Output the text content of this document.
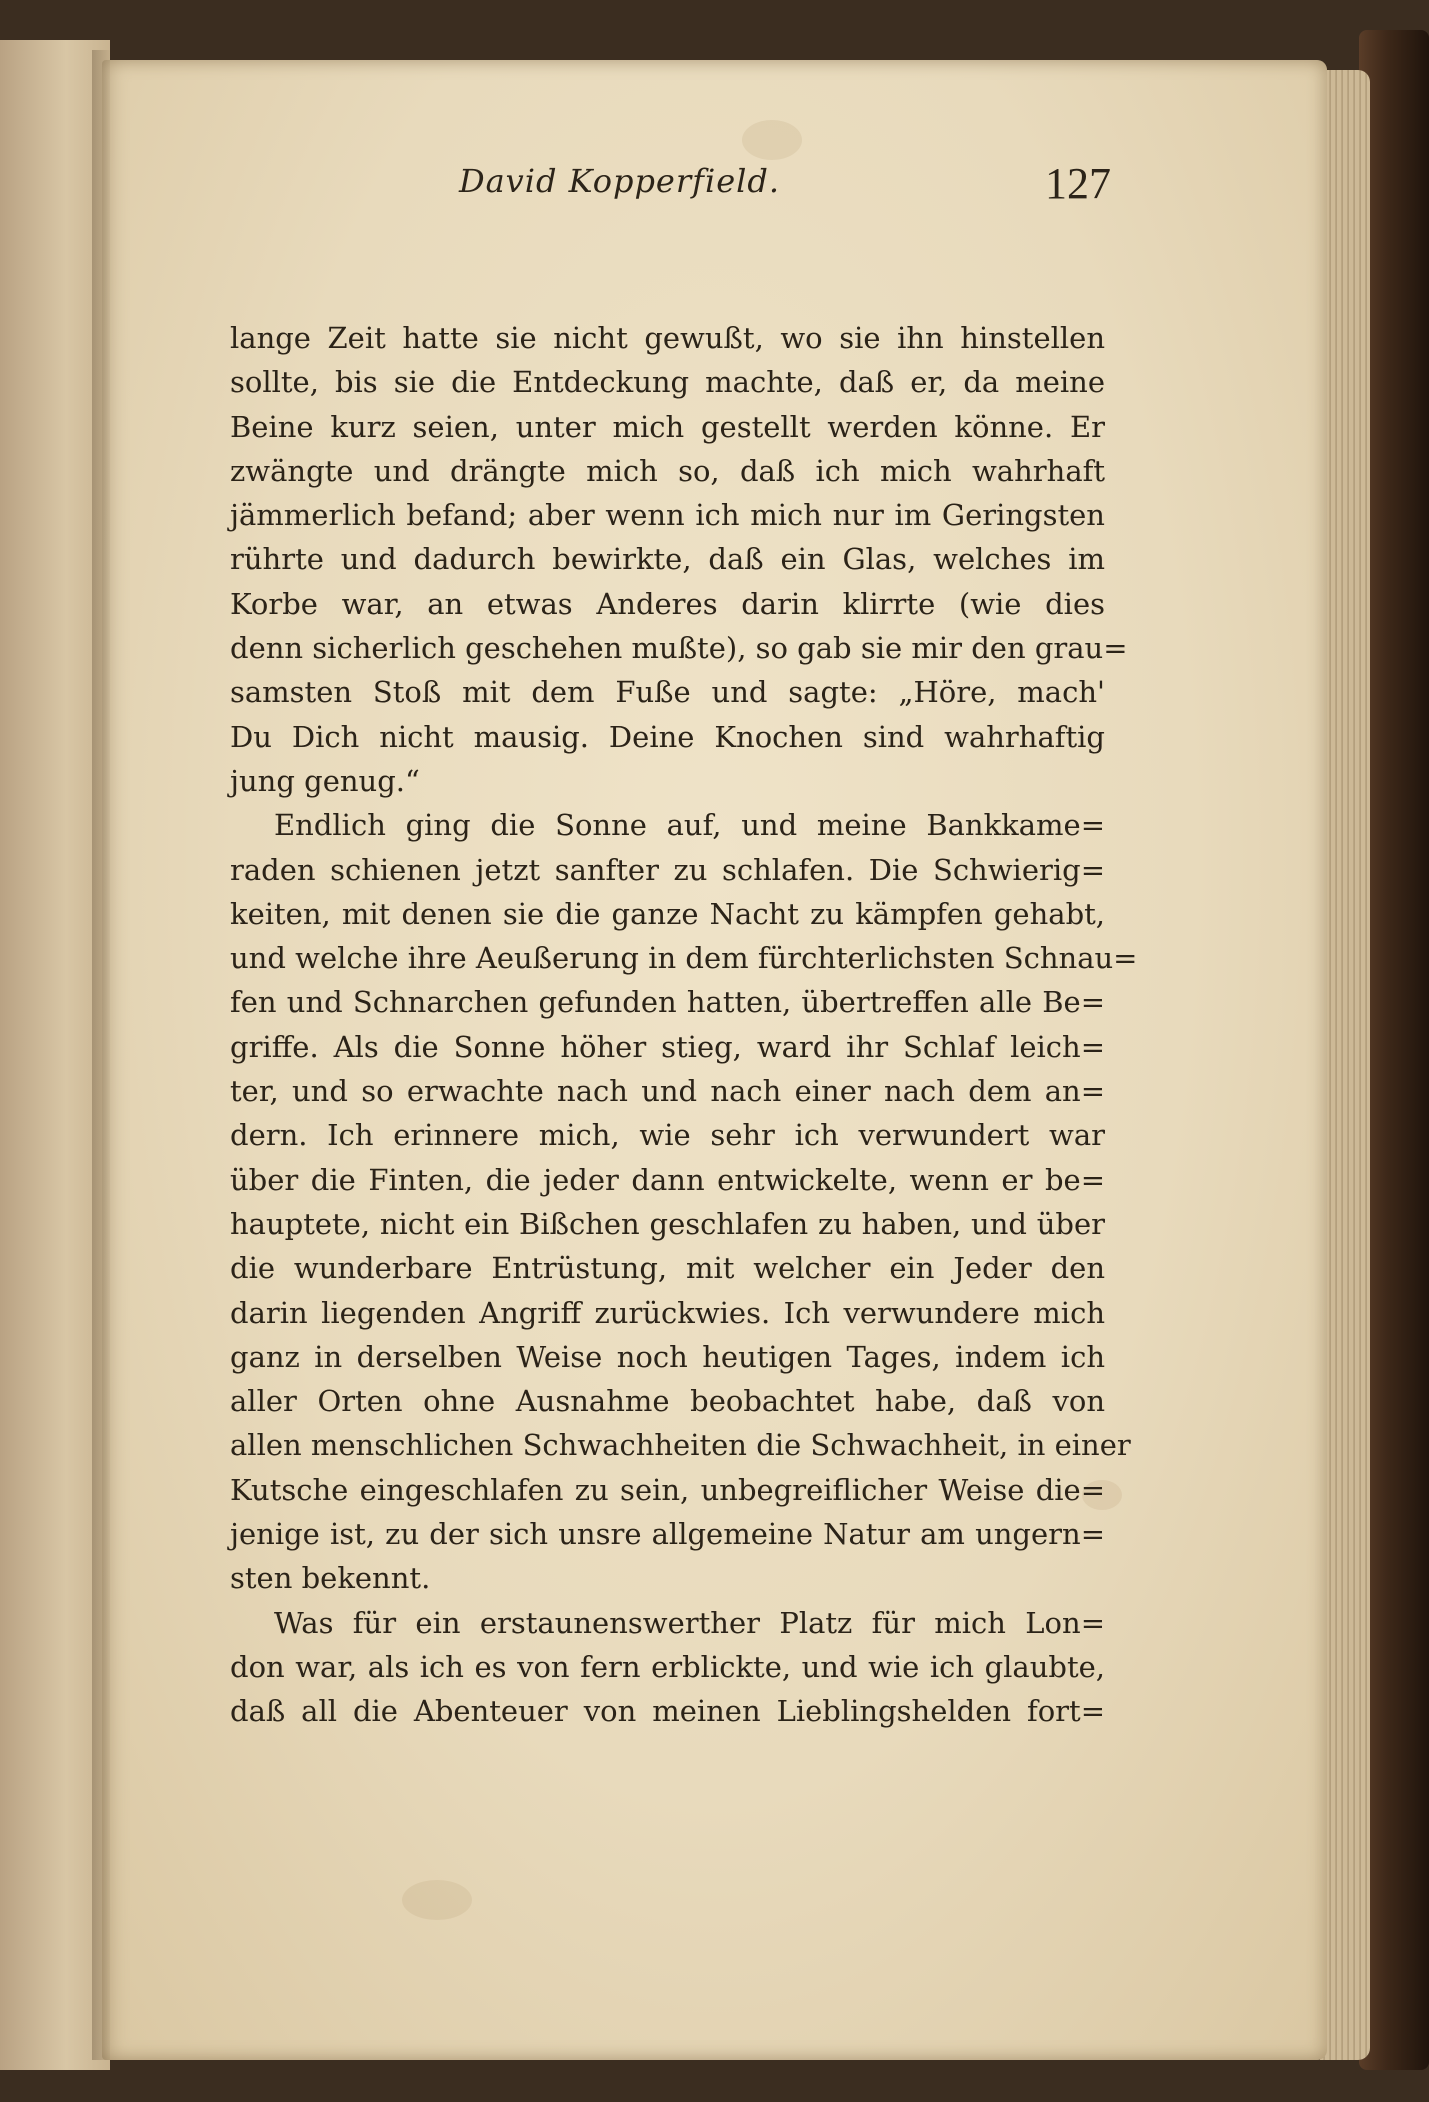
David Kopperfield.	127
lange Zeit hatte sie nicht gewußt, wo sie ihn hinstellen
sollte, bis sie die Entdeckung machte, daß er, da meine
Beine kurz seien, unter mich gestellt werden könne. Er
zwängte und drängte mich so, daß ich mich wahrhaft
jämmerlich befand; aber wenn ich mich nur im Geringsten
rührte und dadurch bewirkte, daß ein Glas, welches im
Korbe war, an etwas Anderes darin klirrte (wie dies
denn sicherlich geschehen mußte), so gab sie mir den grau=
samsten Stoß mit dem Fuße und sagte: „Höre, mach'
Du Dich nicht mausig. Deine Knochen sind wahrhaftig
jung genug.“
Endlich ging die Sonne auf, und meine Bankkame=
raden schienen jetzt sanfter zu schlafen. Die Schwierig=
keiten, mit denen sie die ganze Nacht zu kämpfen gehabt,
und welche ihre Aeußerung in dem fürchterlichsten Schnau=
fen und Schnarchen gefunden hatten, übertreffen alle Be=
griffe. Als die Sonne höher stieg, ward ihr Schlaf leich=
ter, und so erwachte nach und nach einer nach dem an=
dern. Ich erinnere mich, wie sehr ich verwundert war
über die Finten, die jeder dann entwickelte, wenn er be=
hauptete, nicht ein Bißchen geschlafen zu haben, und über
die wunderbare Entrüstung, mit welcher ein Jeder den
darin liegenden Angriff zurückwies. Ich verwundere mich
ganz in derselben Weise noch heutigen Tages, indem ich
aller Orten ohne Ausnahme beobachtet habe, daß von
allen menschlichen Schwachheiten die Schwachheit, in einer
Kutsche eingeschlafen zu sein, unbegreiflicher Weise die=
jenige ist, zu der sich unsre allgemeine Natur am ungern=
sten bekennt.
Was für ein erstaunenswerther Platz für mich Lon=
don war, als ich es von fern erblickte, und wie ich glaubte,
daß all die Abenteuer von meinen Lieblingshelden fort=
